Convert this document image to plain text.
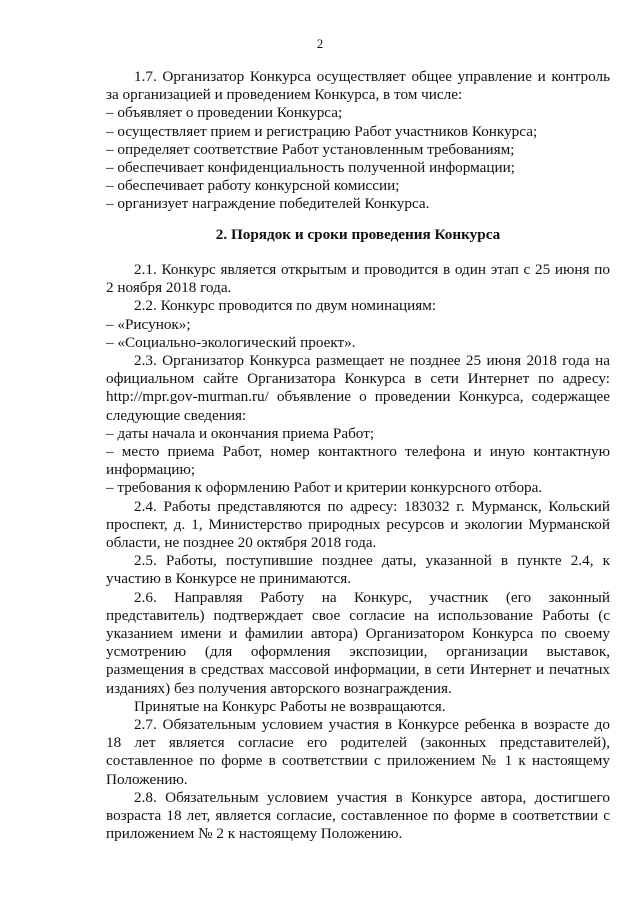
2

1.7. Организатор Конкурса осуществляет общее управление и контроль за организацией и проведением Конкурса, в том числе:

– объявляет о проведении Конкурса;

– осуществляет прием и регистрацию Работ участников Конкурса;

– определяет соответствие Работ установленным требованиям;

– обеспечивает конфиденциальность полученной информации;

– обеспечивает работу конкурсной комиссии;

– организует награждение победителей Конкурса.

2. Порядок и сроки проведения Конкурса

2.1. Конкурс является открытым и проводится в один этап с 25 июня по 2 ноября 2018 года.

2.2. Конкурс проводится по двум номинациям:

– «Рисунок»;

– «Социально-экологический проект».

2.3. Организатор Конкурса размещает не позднее 25 июня 2018 года на официальном сайте Организатора Конкурса в сети Интернет по адресу: http://mpr.gov-murman.ru/ объявление о проведении Конкурса, содержащее следующие сведения:

– даты начала и окончания приема Работ;

– место приема Работ, номер контактного телефона и иную контактную информацию;

– требования к оформлению Работ и критерии конкурсного отбора.

2.4. Работы представляются по адресу: 183032 г. Мурманск, Кольский проспект, д. 1, Министерство природных ресурсов и экологии Мурманской области, не позднее 20 октября 2018 года.

2.5. Работы, поступившие позднее даты, указанной в пункте 2.4, к участию в Конкурсе не принимаются.

2.6. Направляя Работу на Конкурс, участник (его законный представитель) подтверждает свое согласие на использование Работы (с указанием имени и фамилии автора) Организатором Конкурса по своему усмотрению (для оформления экспозиции, организации выставок, размещения в средствах массовой информации, в сети Интернет и печатных изданиях) без получения авторского вознаграждения.

Принятые на Конкурс Работы не возвращаются.

2.7. Обязательным условием участия в Конкурсе ребенка в возрасте до 18 лет является согласие его родителей (законных представителей), составленное по форме в соответствии с приложением № 1 к настоящему Положению.

2.8. Обязательным условием участия в Конкурсе автора, достигшего возраста 18 лет, является согласие, составленное по форме в соответствии с приложением № 2 к настоящему Положению.
